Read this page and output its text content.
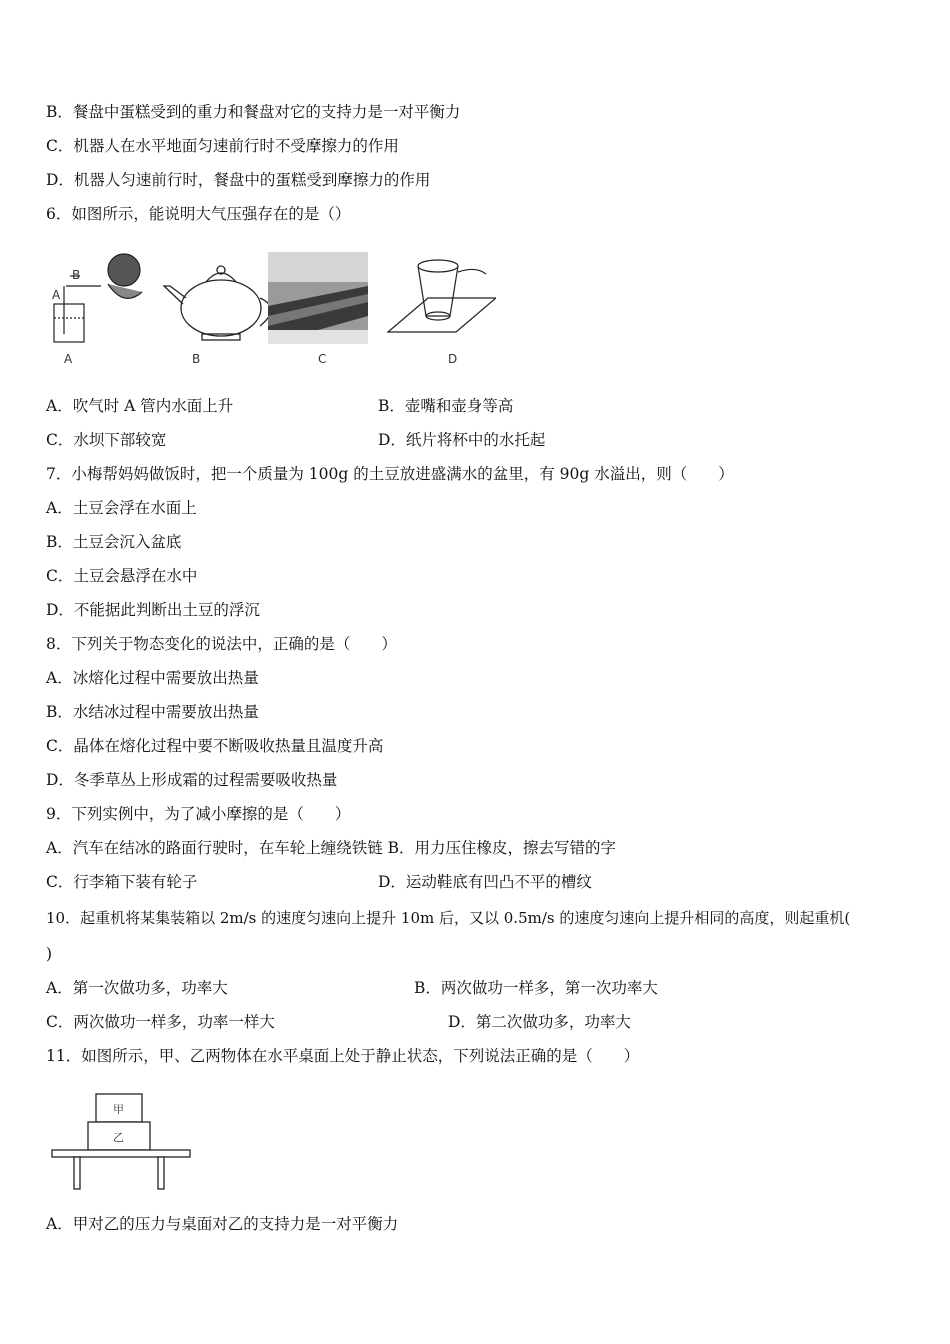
B．餐盘中蛋糕受到的重力和餐盘对它的支持力是一对平衡力
C．机器人在水平地面匀速前行时不受摩擦力的作用
D．机器人匀速前行时，餐盘中的蛋糕受到摩擦力的作用
6．如图所示，能说明大气压强存在的是（）
B
A
A	B	C	D
A．吹气时 A 管内水面上升	B．壶嘴和壶身等高
C．水坝下部较宽	D．纸片将杯中的水托起
7．小梅帮妈妈做饭时，把一个质量为 100g 的土豆放进盛满水的盆里，有 90g 水溢出，则（　　）
A．土豆会浮在水面上
B．土豆会沉入盆底
C．土豆会悬浮在水中
D．不能据此判断出土豆的浮沉
8．下列关于物态变化的说法中，正确的是（　　）
A．冰熔化过程中需要放出热量
B．水结冰过程中需要放出热量
C．晶体在熔化过程中要不断吸收热量且温度升高
D．冬季草丛上形成霜的过程需要吸收热量
9．下列实例中，为了减小摩擦的是（　　）
A．汽车在结冰的路面行驶时，在车轮上缠绕铁链 B．用力压住橡皮，擦去写错的字
C．行李箱下装有轮子	D．运动鞋底有凹凸不平的槽纹
10．起重机将某集装箱以 2m/s 的速度匀速向上提升 10m 后，又以 0.5m/s 的速度匀速向上提升相同的高度，则起重机(
)
A．第一次做功多，功率大	B．两次做功一样多，第一次功率大
C．两次做功一样多，功率一样大	D．第二次做功多，功率大
11．如图所示，甲、乙两物体在水平桌面上处于静止状态，下列说法正确的是（　　）
甲
乙
A．甲对乙的压力与桌面对乙的支持力是一对平衡力
